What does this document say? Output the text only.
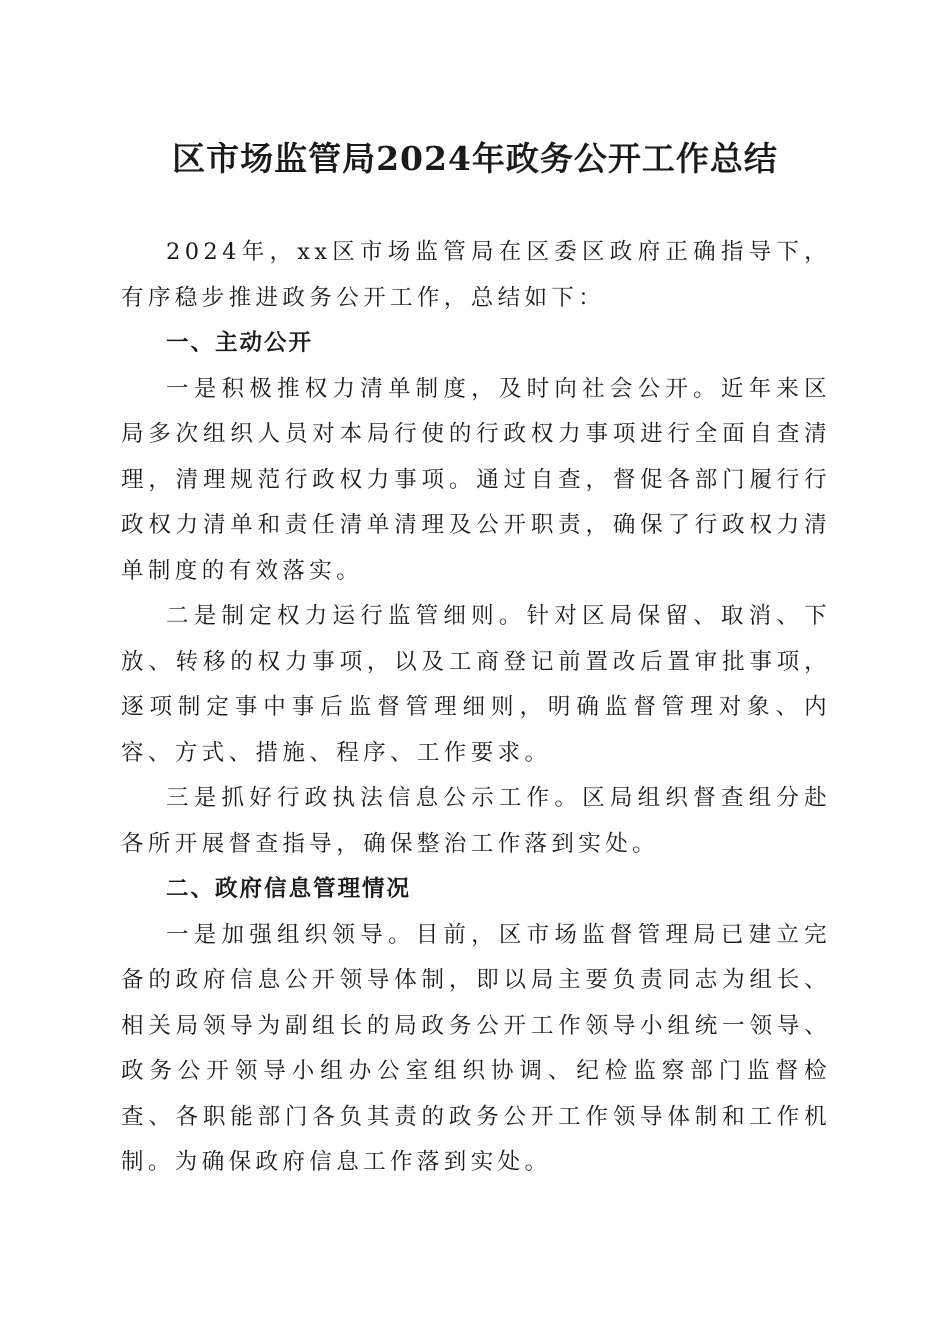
区市场监管局2024年政务公开工作总结

2024年，xx区市场监管局在区委区政府正确指导下，有序稳步推进政务公开工作，总结如下：

一、主动公开

一是积极推权力清单制度，及时向社会公开。近年来区局多次组织人员对本局行使的行政权力事项进行全面自查清理，清理规范行政权力事项。通过自查，督促各部门履行行政权力清单和责任清单清理及公开职责，确保了行政权力清单制度的有效落实。

二是制定权力运行监管细则。针对区局保留、取消、下放、转移的权力事项，以及工商登记前置改后置审批事项，逐项制定事中事后监督管理细则，明确监督管理对象、内容、方式、措施、程序、工作要求。

三是抓好行政执法信息公示工作。区局组织督查组分赴各所开展督查指导，确保整治工作落到实处。

二、政府信息管理情况

一是加强组织领导。目前，区市场监督管理局已建立完备的政府信息公开领导体制，即以局主要负责同志为组长、相关局领导为副组长的局政务公开工作领导小组统一领导、政务公开领导小组办公室组织协调、纪检监察部门监督检查、各职能部门各负其责的政务公开工作领导体制和工作机制。为确保政府信息工作落到实处。
